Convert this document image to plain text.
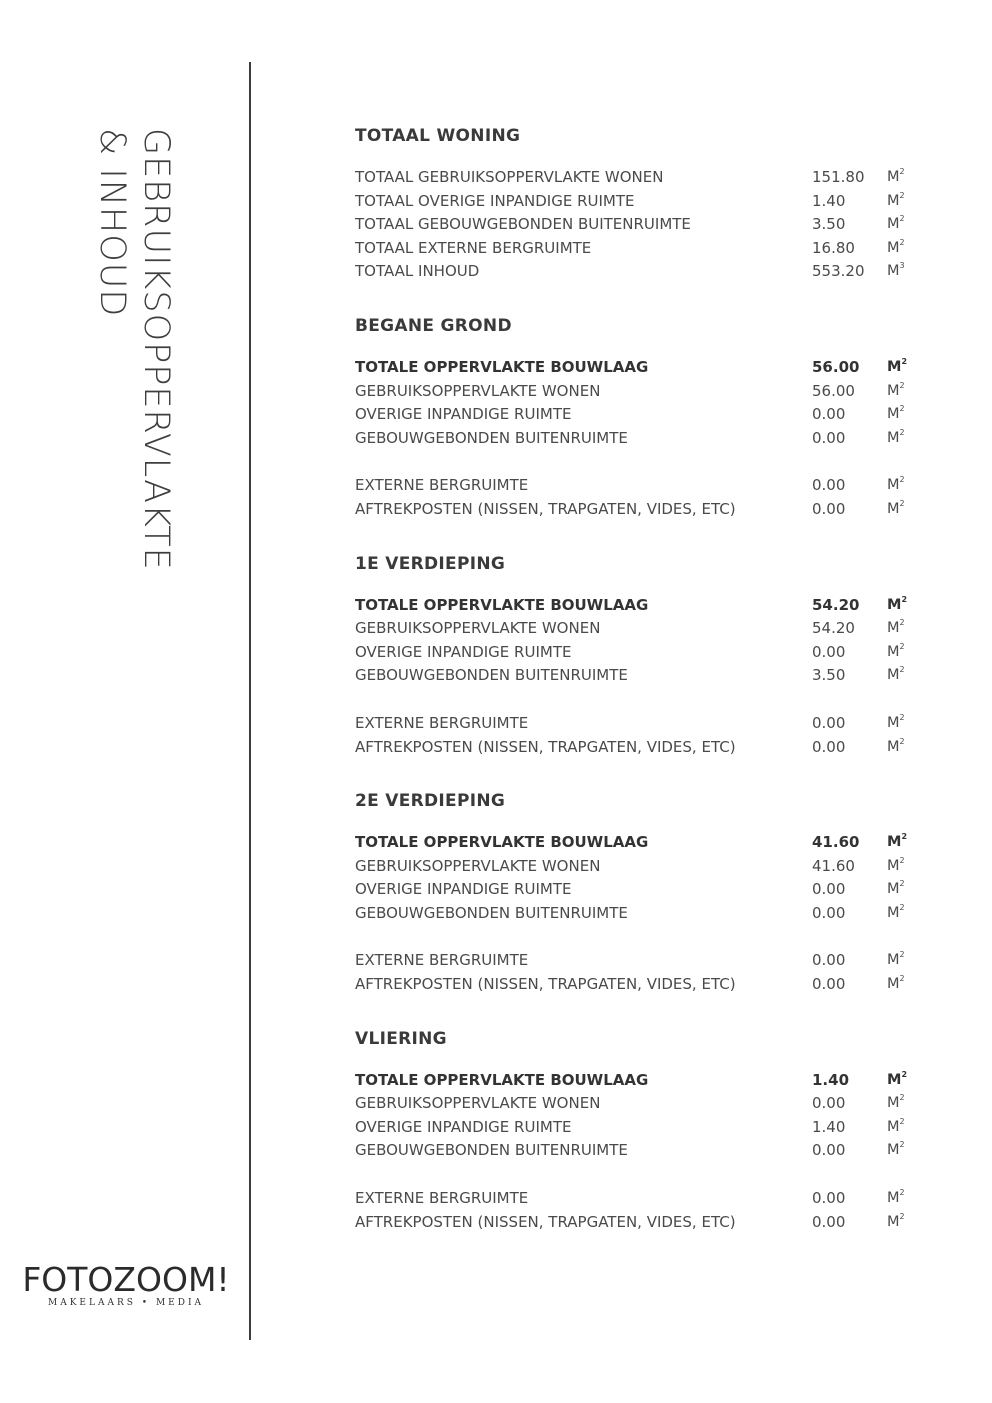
GEBRUIKSOPPERVLAKTE
& INHOUD
FOTOZOOM!
MAKELAARS • MEDIA
TOTAAL WONING
TOTAAL GEBRUIKSOPPERVLAKTE WONEN	151.80	$M^2$
TOTAAL OVERIGE INPANDIGE RUIMTE	1.40	$M^2$
TOTAAL GEBOUWGEBONDEN BUITENRUIMTE	3.50	$M^2$
TOTAAL EXTERNE BERGRUIMTE	16.80	$M^2$
TOTAAL INHOUD	553.20	$M^3$
BEGANE GROND
TOTALE OPPERVLAKTE BOUWLAAG	56.00	$M^2$
GEBRUIKSOPPERVLAKTE WONEN	56.00	$M^2$
OVERIGE INPANDIGE RUIMTE	0.00	$M^2$
GEBOUWGEBONDEN BUITENRUIMTE	0.00	$M^2$
EXTERNE BERGRUIMTE	0.00	$M^2$
AFTREKPOSTEN (NISSEN, TRAPGATEN, VIDES, ETC)	0.00	$M^2$
1E VERDIEPING
TOTALE OPPERVLAKTE BOUWLAAG	54.20	$M^2$
GEBRUIKSOPPERVLAKTE WONEN	54.20	$M^2$
OVERIGE INPANDIGE RUIMTE	0.00	$M^2$
GEBOUWGEBONDEN BUITENRUIMTE	3.50	$M^2$
EXTERNE BERGRUIMTE	0.00	$M^2$
AFTREKPOSTEN (NISSEN, TRAPGATEN, VIDES, ETC)	0.00	$M^2$
2E VERDIEPING
TOTALE OPPERVLAKTE BOUWLAAG	41.60	$M^2$
GEBRUIKSOPPERVLAKTE WONEN	41.60	$M^2$
OVERIGE INPANDIGE RUIMTE	0.00	$M^2$
GEBOUWGEBONDEN BUITENRUIMTE	0.00	$M^2$
EXTERNE BERGRUIMTE	0.00	$M^2$
AFTREKPOSTEN (NISSEN, TRAPGATEN, VIDES, ETC)	0.00	$M^2$
VLIERING
TOTALE OPPERVLAKTE BOUWLAAG	1.40	$M^2$
GEBRUIKSOPPERVLAKTE WONEN	0.00	$M^2$
OVERIGE INPANDIGE RUIMTE	1.40	$M^2$
GEBOUWGEBONDEN BUITENRUIMTE	0.00	$M^2$
EXTERNE BERGRUIMTE	0.00	$M^2$
AFTREKPOSTEN (NISSEN, TRAPGATEN, VIDES, ETC)	0.00	$M^2$
